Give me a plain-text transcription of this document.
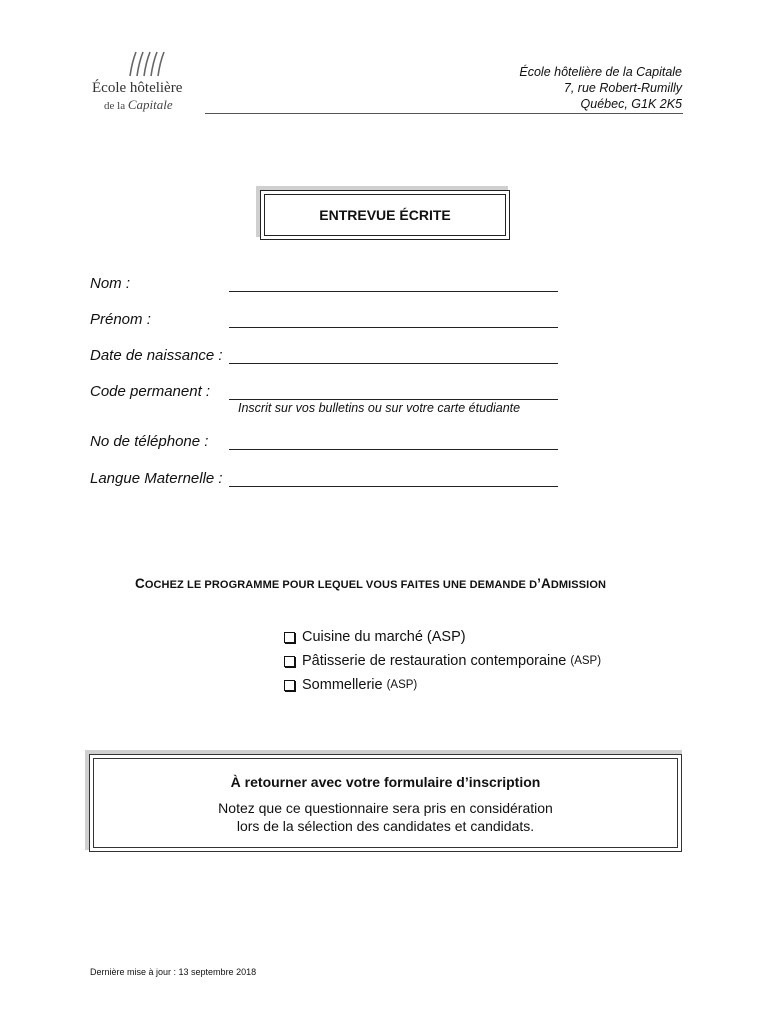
École hôtelière
de la Capitale
École hôtelière de la Capitale
7, rue Robert-Rumilly
Québec, G1K 2K5
ENTREVUE ÉCRITE
Nom :
Prénom :
Date de naissance :
Code permanent :
Inscrit sur vos bulletins ou sur votre carte étudiante
No de téléphone :
Langue Maternelle :
COCHEZ LE PROGRAMME POUR LEQUEL VOUS FAITES UNE DEMANDE D’ADMISSION
Cuisine du marché (ASP)
Pâtisserie de restauration contemporaine (ASP)
Sommellerie (ASP)
À retourner avec votre formulaire d’inscription
Notez que ce questionnaire sera pris en considération
lors de la sélection des candidates et candidats.
Dernière mise à jour : 13 septembre 2018
